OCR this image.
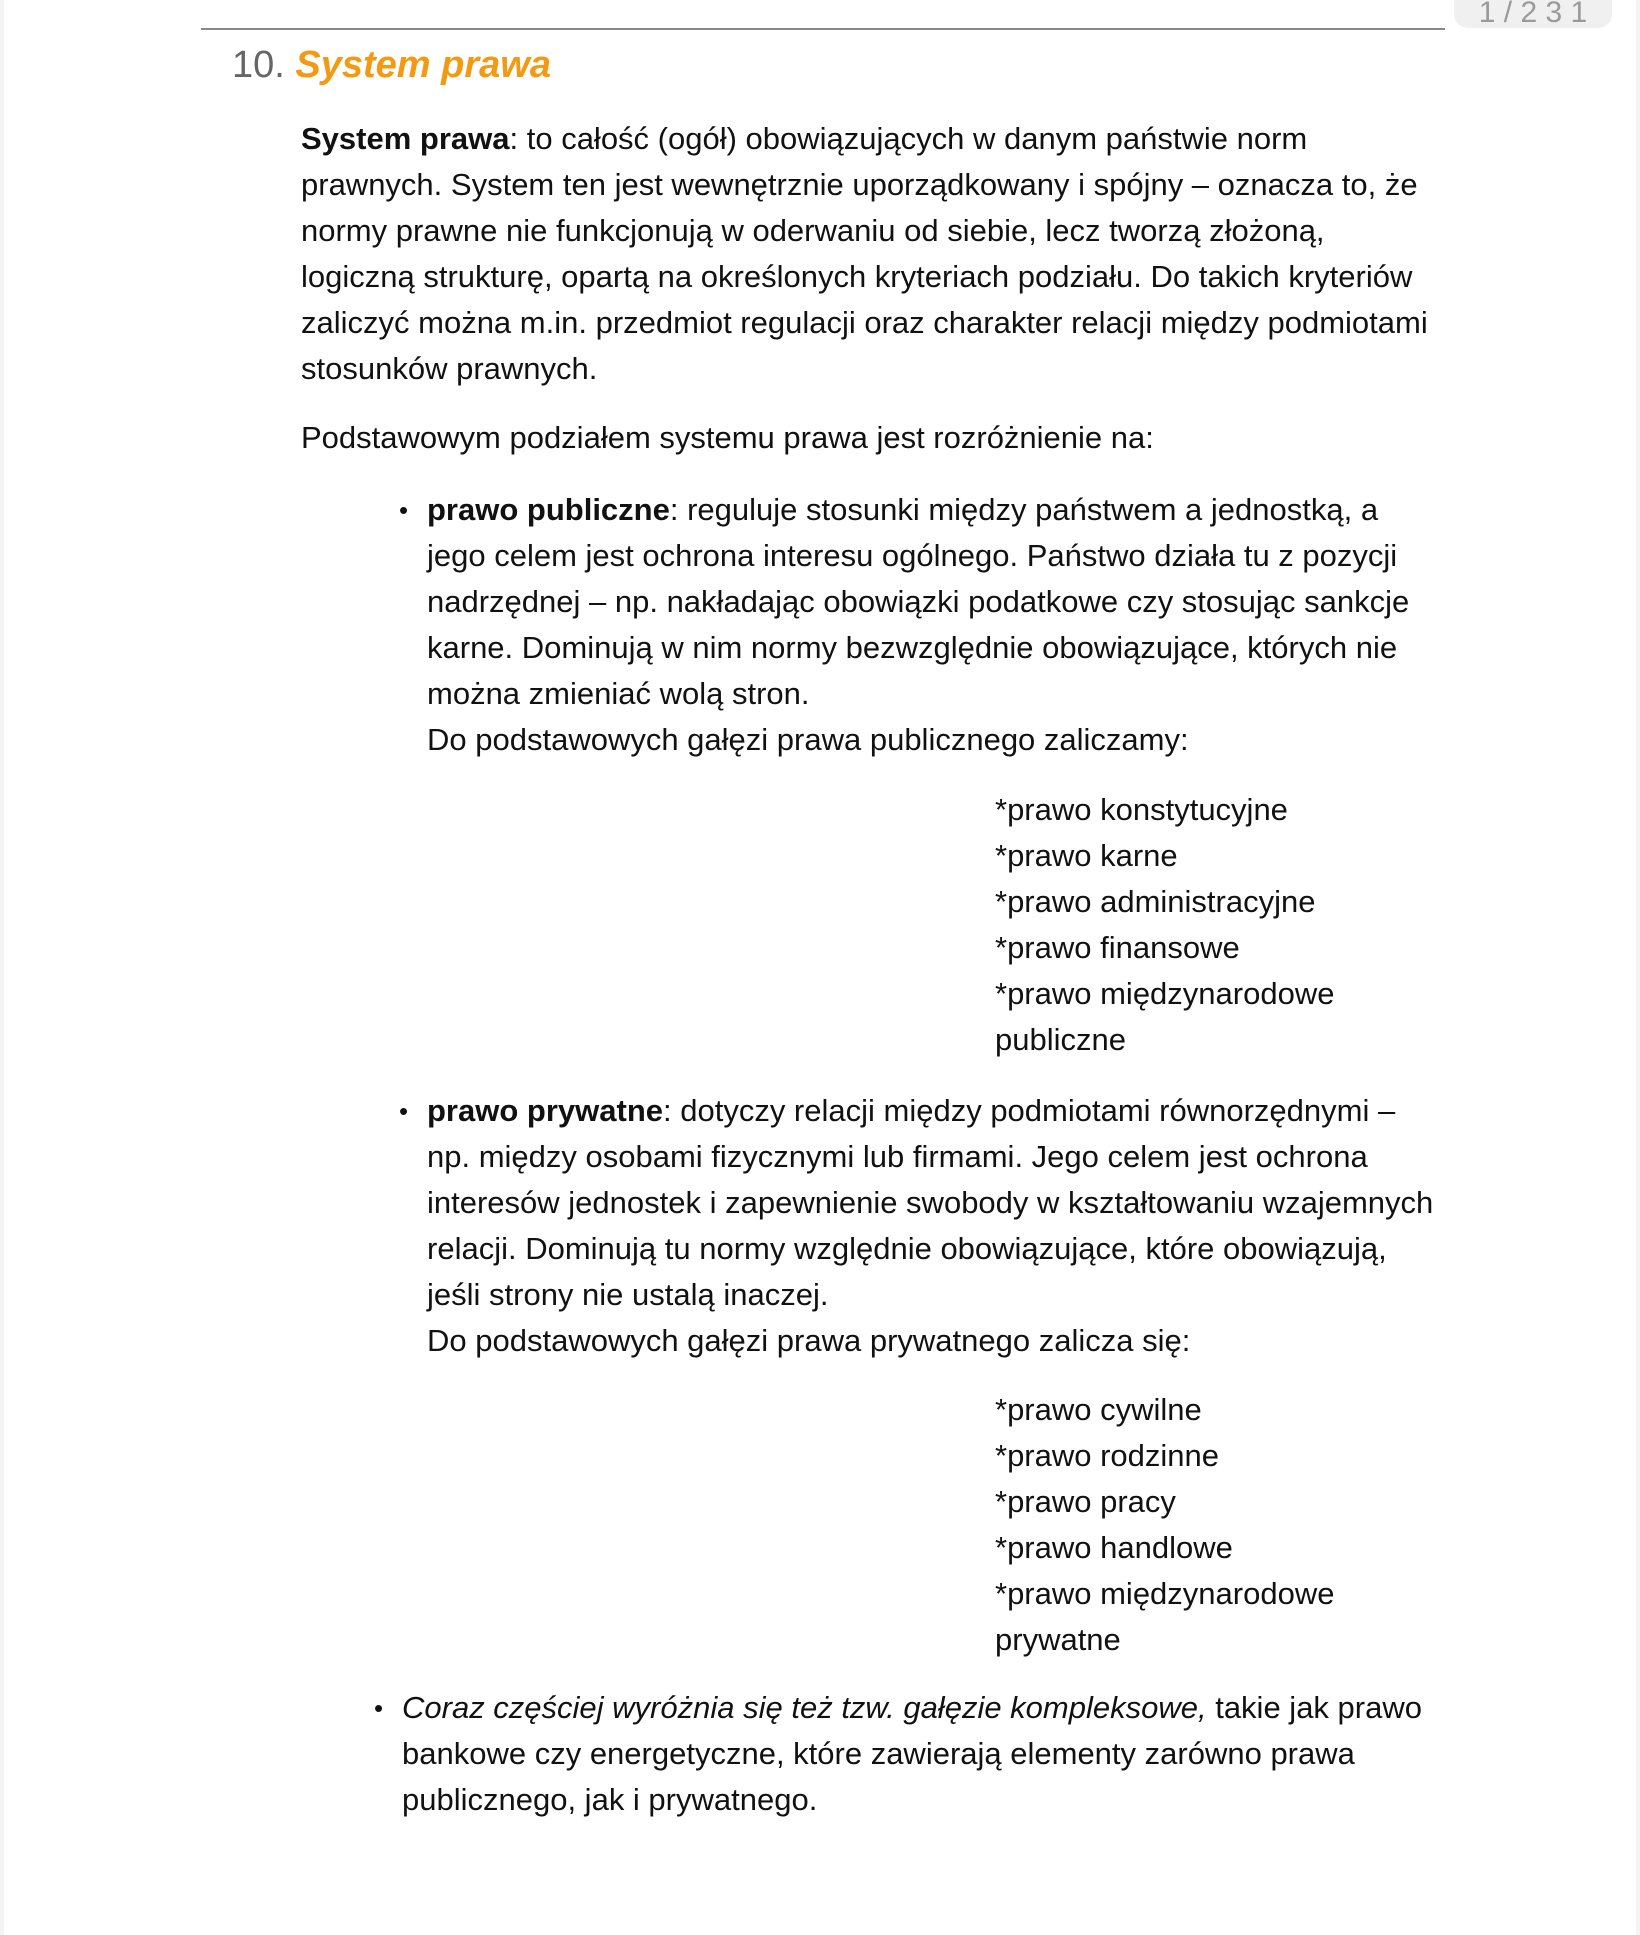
1 / 2 3 1
10. System prawa
System prawa: to całość (ogół) obowiązujących w danym państwie norm prawnych. System ten jest wewnętrznie uporządkowany i spójny – oznacza to, że normy prawne nie funkcjonują w oderwaniu od siebie, lecz tworzą złożoną, logiczną strukturę, opartą na określonych kryteriach podziału. Do takich kryteriów zaliczyć można m.in. przedmiot regulacji oraz charakter relacji między podmiotami stosunków prawnych.
Podstawowym podziałem systemu prawa jest rozróżnienie na:
• prawo publiczne: reguluje stosunki między państwem a jednostką, a jego celem jest ochrona interesu ogólnego. Państwo działa tu z pozycji nadrzędnej – np. nakładając obowiązki podatkowe czy stosując sankcje karne. Dominują w nim normy bezwzględnie obowiązujące, których nie można zmieniać wolą stron.
Do podstawowych gałęzi prawa publicznego zaliczamy:
*prawo konstytucyjne
*prawo karne
*prawo administracyjne
*prawo finansowe
*prawo międzynarodowe
publiczne
• prawo prywatne: dotyczy relacji między podmiotami równorzędnymi – np. między osobami fizycznymi lub firmami. Jego celem jest ochrona interesów jednostek i zapewnienie swobody w kształtowaniu wzajemnych relacji. Dominują tu normy względnie obowiązujące, które obowiązują, jeśli strony nie ustalą inaczej.
Do podstawowych gałęzi prawa prywatnego zalicza się:
*prawo cywilne
*prawo rodzinne
*prawo pracy
*prawo handlowe
*prawo międzynarodowe
prywatne
• Coraz częściej wyróżnia się też tzw. gałęzie kompleksowe, takie jak prawo bankowe czy energetyczne, które zawierają elementy zarówno prawa publicznego, jak i prywatnego.
